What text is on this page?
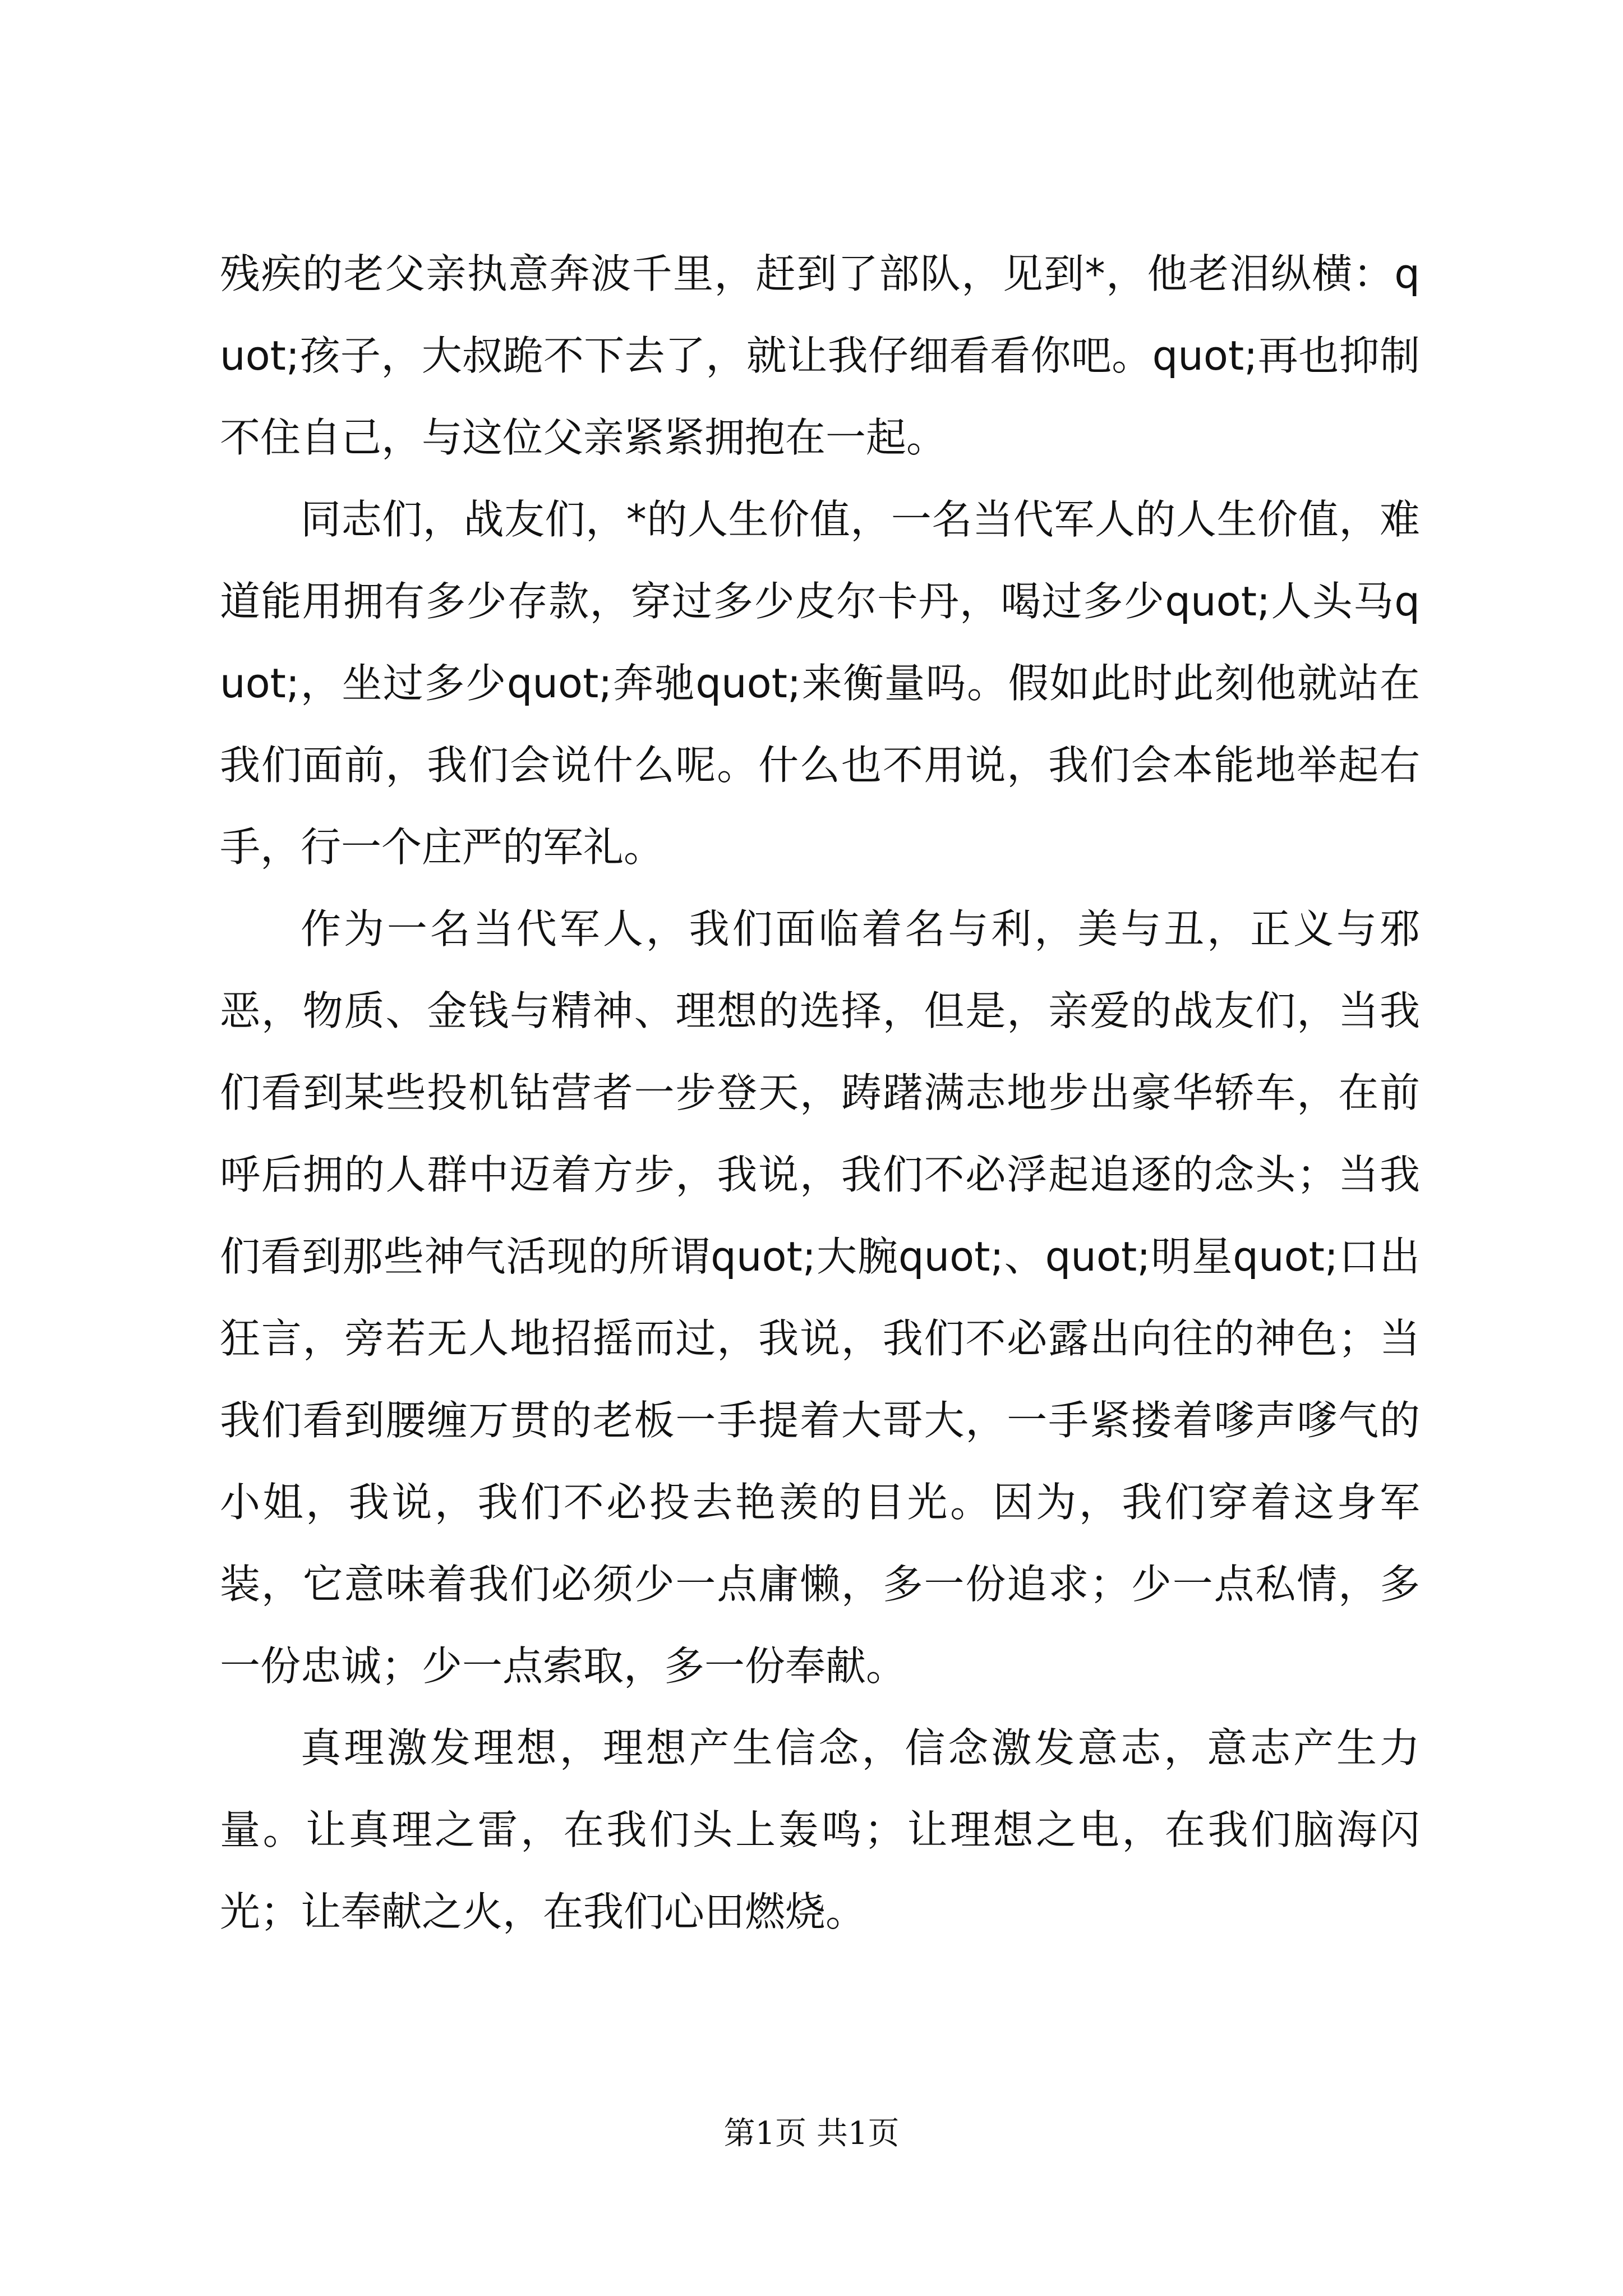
残疾的老父亲执意奔波千里，赶到了部队，见到*，他老泪纵横：quot;孩子，大叔跪不下去了，就让我仔细看看你吧。quot;再也抑制不住自己，与这位父亲紧紧拥抱在一起。

同志们，战友们，*的人生价值，一名当代军人的人生价值，难道能用拥有多少存款，穿过多少皮尔卡丹，喝过多少quot;人头马quot;，坐过多少quot;奔驰quot;来衡量吗。假如此时此刻他就站在我们面前，我们会说什么呢。什么也不用说，我们会本能地举起右手，行一个庄严的军礼。

作为一名当代军人，我们面临着名与利，美与丑，正义与邪恶，物质、金钱与精神、理想的选择，但是，亲爱的战友们，当我们看到某些投机钻营者一步登天，踌躇满志地步出豪华轿车，在前呼后拥的人群中迈着方步，我说，我们不必浮起追逐的念头；当我们看到那些神气活现的所谓quot;大腕quot;、quot;明星quot;口出狂言，旁若无人地招摇而过，我说，我们不必露出向往的神色；当我们看到腰缠万贯的老板一手提着大哥大，一手紧搂着嗲声嗲气的小姐，我说，我们不必投去艳羡的目光。因为，我们穿着这身军装，它意味着我们必须少一点庸懒，多一份追求；少一点私情，多一份忠诚；少一点索取，多一份奉献。

真理激发理想，理想产生信念，信念激发意志，意志产生力量。让真理之雷，在我们头上轰鸣；让理想之电，在我们脑海闪光；让奉献之火，在我们心田燃烧。

第1页 共1页
